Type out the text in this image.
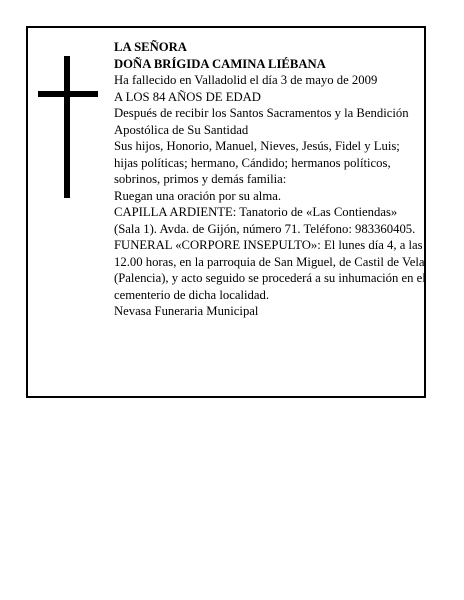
LA SEÑORA
DOÑA BRÍGIDA CAMINA LIÉBANA
Ha fallecido en Valladolid el día 3 de mayo de 2009
A LOS 84 AÑOS DE EDAD
Después de recibir los Santos Sacramentos y la Bendición Apostólica de Su Santidad
Sus hijos, Honorio, Manuel, Nieves, Jesús, Fidel y Luis; hijas políticas; hermano, Cándido; hermanos políticos, sobrinos, primos y demás familia:
Ruegan una oración por su alma.
CAPILLA ARDIENTE: Tanatorio de «Las Contiendas» (Sala 1). Avda. de Gijón, número 71. Teléfono: 983360405.
FUNERAL «CORPORE INSEPULTO»: El lunes día 4, a las 12.00 horas, en la parroquia de San Miguel, de Castil de Vela (Palencia), y acto seguido se procederá a su inhumación en el cementerio de dicha localidad.
Nevasa Funeraria Municipal
